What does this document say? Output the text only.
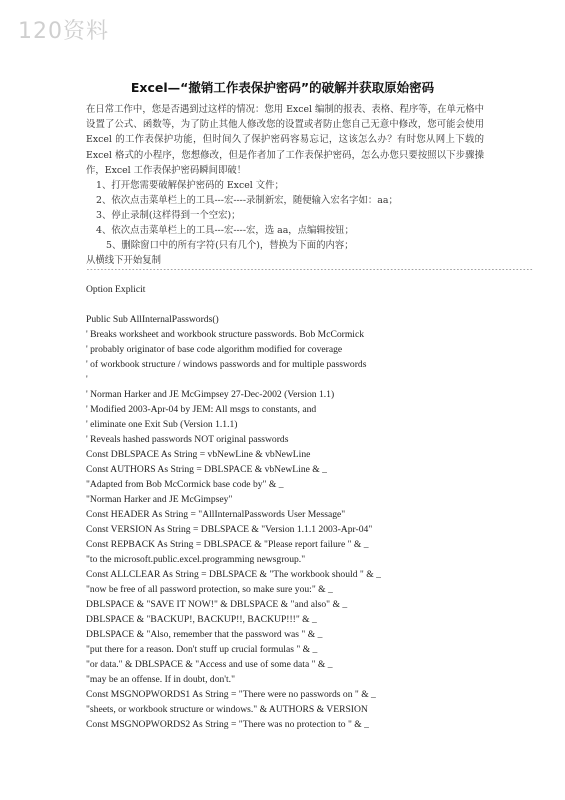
120资料
Excel—“撤销工作表保护密码”的破解并获取原始密码
在日常工作中，您是否遇到过这样的情况：您用 Excel 编制的报表、表格、程序等，在单元格中设置了公式、函数等，为了防止其他人修改您的设置或者防止您自己无意中修改，您可能会使用 Excel 的工作表保护功能，但时间久了保护密码容易忘记，这该怎么办？有时您从网上下载的 Excel 格式的小程序，您想修改，但是作者加了工作表保护密码，怎么办您只要按照以下步骤操作，Excel 工作表保护密码瞬间即破！
1、打开您需要破解保护密码的 Excel 文件；
2、依次点击菜单栏上的工具---宏----录制新宏，随便输入宏名字如：aa；
3、停止录制(这样得到一个空宏)；
4、依次点击菜单栏上的工具---宏----宏，选 aa，点编辑按钮；
5、删除窗口中的所有字符(只有几个)，替换为下面的内容；
从横线下开始复制
--------------------------------------------------------------------------------------------------------------------------------
Option Explicit
Public Sub AllInternalPasswords()
' Breaks worksheet and workbook structure passwords. Bob McCormick
' probably originator of base code algorithm modified for coverage
' of workbook structure / windows passwords and for multiple passwords
'
' Norman Harker and JE McGimpsey 27-Dec-2002 (Version 1.1)
' Modified 2003-Apr-04 by JEM: All msgs to constants, and
' eliminate one Exit Sub (Version 1.1.1)
' Reveals hashed passwords NOT original passwords
Const DBLSPACE As String = vbNewLine & vbNewLine
Const AUTHORS As String = DBLSPACE & vbNewLine & _
"Adapted from Bob McCormick base code by" & _
"Norman Harker and JE McGimpsey"
Const HEADER As String = "AllInternalPasswords User Message"
Const VERSION As String = DBLSPACE & "Version 1.1.1 2003-Apr-04"
Const REPBACK As String = DBLSPACE & "Please report failure " & _
"to the microsoft.public.excel.programming newsgroup."
Const ALLCLEAR As String = DBLSPACE & "The workbook should " & _
"now be free of all password protection, so make sure you:" & _
DBLSPACE & "SAVE IT NOW!" & DBLSPACE & "and also" & _
DBLSPACE & "BACKUP!, BACKUP!!, BACKUP!!!" & _
DBLSPACE & "Also, remember that the password was " & _
"put there for a reason. Don't stuff up crucial formulas " & _
"or data." & DBLSPACE & "Access and use of some data " & _
"may be an offense. If in doubt, don't."
Const MSGNOPWORDS1 As String = "There were no passwords on " & _
"sheets, or workbook structure or windows." & AUTHORS & VERSION
Const MSGNOPWORDS2 As String = "There was no protection to " & _
